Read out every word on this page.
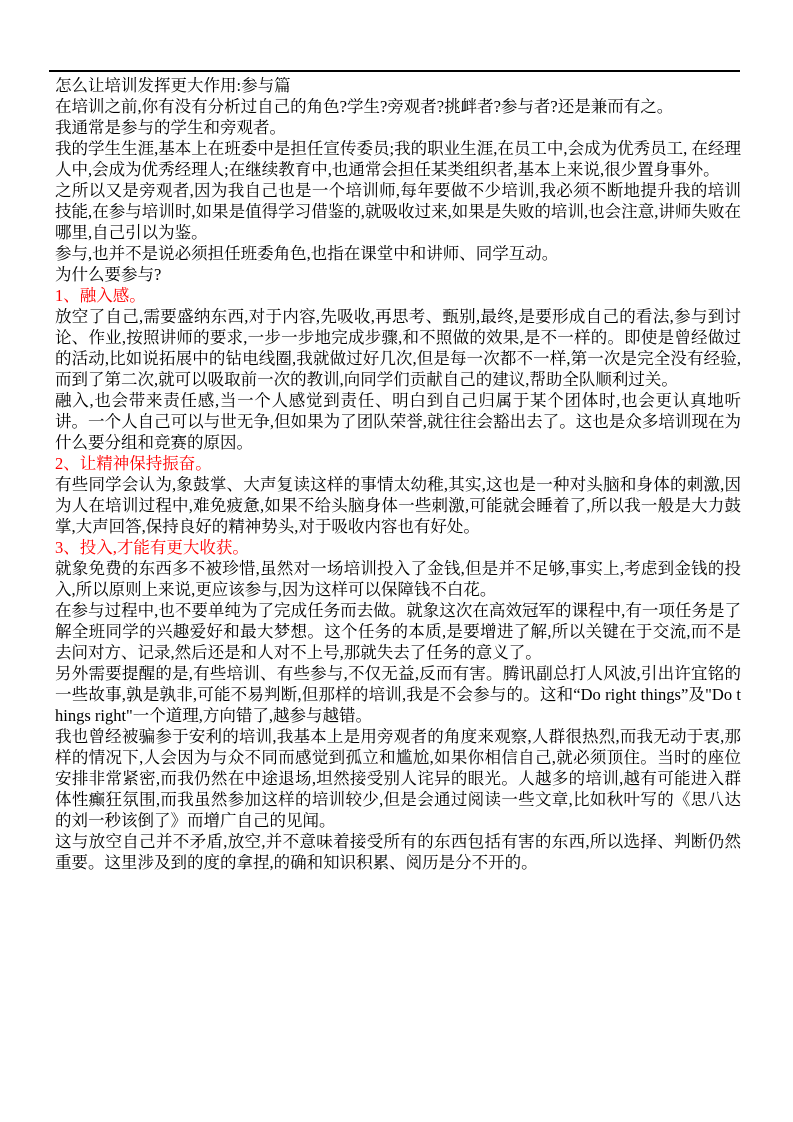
怎么让培训发挥更大作用:参与篇

在培训之前,你有没有分析过自己的角色?学生?旁观者?挑衅者?参与者?还是兼而有之。

我通常是参与的学生和旁观者。

我的学生生涯,基本上在班委中是担任宣传委员;我的职业生涯,在员工中,会成为优秀员工, 在经理人中,会成为优秀经理人;在继续教育中,也通常会担任某类组织者,基本上来说,很少置身事外。

之所以又是旁观者,因为我自己也是一个培训师,每年要做不少培训,我必须不断地提升我的培训技能,在参与培训时,如果是值得学习借鉴的,就吸收过来,如果是失败的培训,也会注意,讲师失败在哪里,自己引以为鉴。

参与,也并不是说必须担任班委角色,也指在课堂中和讲师、同学互动。

为什么要参与?

1、融入感。

放空了自己,需要盛纳东西,对于内容,先吸收,再思考、甄别,最终,是要形成自己的看法,参与到讨论、作业,按照讲师的要求,一步一步地完成步骤,和不照做的效果,是不一样的。即使是曾经做过的活动,比如说拓展中的钻电线圈,我就做过好几次,但是每一次都不一样,第一次是完全没有经验,而到了第二次,就可以吸取前一次的教训,向同学们贡献自己的建议,帮助全队顺利过关。

融入,也会带来责任感,当一个人感觉到责任、明白到自己归属于某个团体时,也会更认真地听讲。一个人自己可以与世无争,但如果为了团队荣誉,就往往会豁出去了。这也是众多培训现在为什么要分组和竞赛的原因。

2、让精神保持振奋。

有些同学会认为,象鼓掌、大声复读这样的事情太幼稚,其实,这也是一种对头脑和身体的刺激,因为人在培训过程中,难免疲惫,如果不给头脑身体一些刺激,可能就会睡着了,所以我一般是大力鼓掌,大声回答,保持良好的精神势头,对于吸收内容也有好处。

3、投入,才能有更大收获。

就象免费的东西多不被珍惜,虽然对一场培训投入了金钱,但是并不足够,事实上,考虑到金钱的投入,所以原则上来说,更应该参与,因为这样可以保障钱不白花。

在参与过程中,也不要单纯为了完成任务而去做。就象这次在高效冠军的课程中,有一项任务是了解全班同学的兴趣爱好和最大梦想。这个任务的本质,是要增进了解,所以关键在于交流,而不是去问对方、记录,然后还是和人对不上号,那就失去了任务的意义了。

另外需要提醒的是,有些培训、有些参与,不仅无益,反而有害。腾讯副总打人风波,引出许宜铭的一些故事,孰是孰非,可能不易判断,但那样的培训,我是不会参与的。这和“Do right things”及"Do things right"一个道理,方向错了,越参与越错。

我也曾经被骗参于安利的培训,我基本上是用旁观者的角度来观察,人群很热烈,而我无动于衷,那样的情况下,人会因为与众不同而感觉到孤立和尴尬,如果你相信自己,就必须顶住。当时的座位安排非常紧密,而我仍然在中途退场,坦然接受别人诧异的眼光。人越多的培训,越有可能进入群体性癫狂氛围,而我虽然参加这样的培训较少,但是会通过阅读一些文章,比如秋叶写的《思八达的刘一秒该倒了》而增广自己的见闻。

这与放空自己并不矛盾,放空,并不意味着接受所有的东西包括有害的东西,所以选择、判断仍然重要。这里涉及到的度的拿捏,的确和知识积累、阅历是分不开的。
